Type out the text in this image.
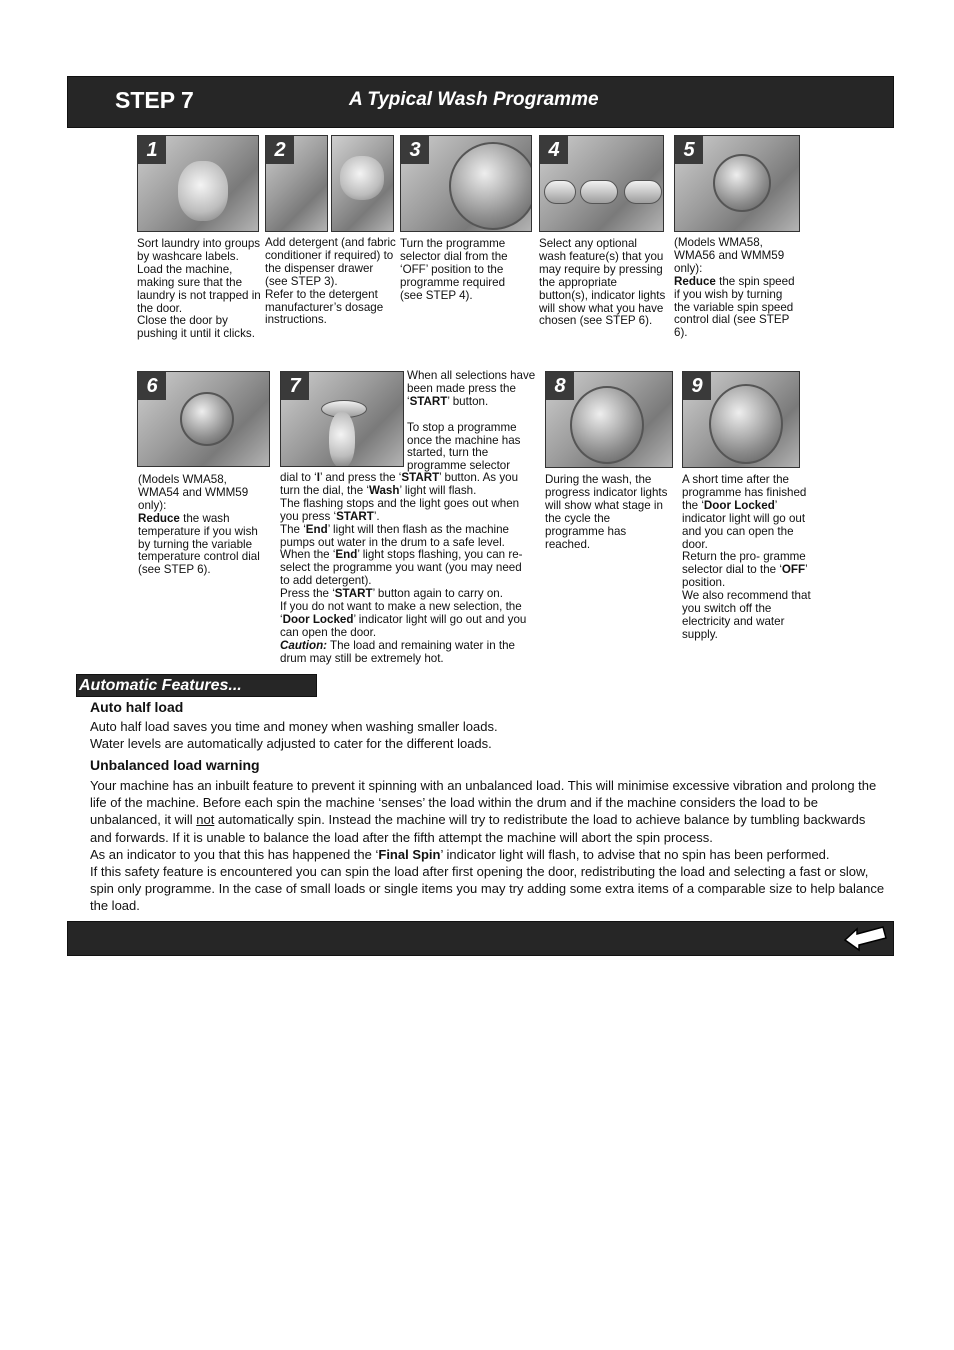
STEP 7	A Typical Wash Programme
1	2	3	4	5
Sort laundry into groups by washcare labels.
Load the machine, making sure that the laundry is not trapped in the door.
Close the door by pushing it until it clicks.
Add detergent (and fabric conditioner if required) to the dispenser drawer (see STEP 3).
Refer to the detergent manufacturer’s dosage instructions.
Turn the programme selector dial from the ‘OFF’ position to the programme required (see STEP 4).
Select any optional wash feature(s) that you may require by pressing the appropriate button(s), indicator lights will show what you have chosen (see STEP 6).

(Models WMA58, WMA56 and WMM59 only):

Reduce the spin speed if you wish by turning the variable spin speed control dial (see STEP 6).

6	7	8	9

(Models WMA58, WMA54 and WMM59 only):

Reduce the wash temperature if you wish by turning the variable temperature control dial (see STEP 6).

When all selections have been made press the ‘START’ button.

To stop a programme once the machine has started, turn the programme selector

dial to ‘I’ and press the ‘START’ button. As you turn the dial, the ‘Wash’ light will flash.

The flashing stops and the light goes out when you press ‘START’.

The ‘End’ light will then flash as the machine pumps out water in the drum to a safe level.

When the ‘End’ light stops flashing, you can re-select the programme you want (you may need to add detergent).

Press the ‘START’ button again to carry on.

If you do not want to make a new selection, the ‘Door Locked’ indicator light will go out and you can open the door.

Caution: The load and remaining water in the drum may still be extremely hot.

During the wash, the progress indicator lights will show what stage in the cycle the programme has reached.

A short time after the programme has finished the ‘Door Locked’ indicator light will go out and you can open the door.

Return the pro- gramme selector dial to the ‘OFF’ position.

We also recommend that you switch off the electricity and water supply.

Automatic Features...
Auto half load

Auto half load saves you time and money when washing smaller loads.

Water levels are automatically adjusted to cater for the different loads.

Unbalanced load warning

Your machine has an inbuilt feature to prevent it spinning with an unbalanced load. This will minimise excessive vibration and prolong the life of the machine. Before each spin the machine ‘senses’ the load within the drum and if the machine considers the load to be unbalanced, it will not automatically spin. Instead the machine will try to redistribute the load to achieve balance by tumbling backwards and forwards. If it is unable to balance the load after the fifth attempt the machine will abort the spin process.

As an indicator to you that this has happened the ‘Final Spin’ indicator light will flash, to advise that no spin has been performed.

If this safety feature is encountered you can spin the load after first opening the door, redistributing the load and selecting a fast or slow, spin only programme. In the case of small loads or single items you may try adding some extra items of a comparable size to help balance the load.
